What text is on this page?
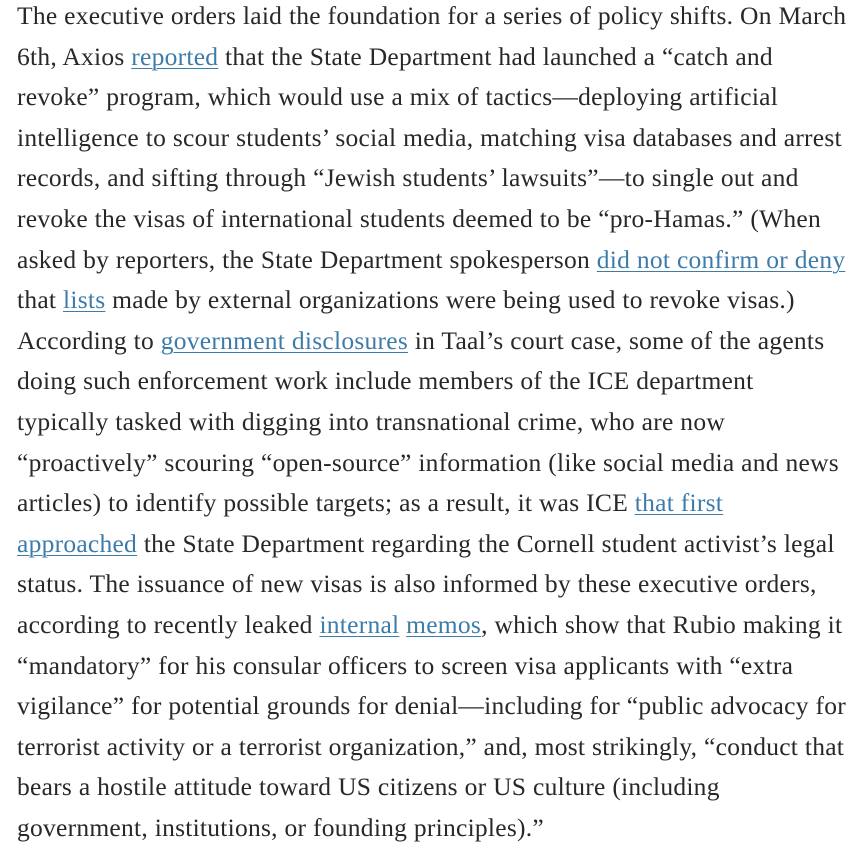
The executive orders laid the foundation for a series of policy shifts. On March 6th, Axios reported that the State Department had launched a “catch and revoke” program, which would use a mix of tactics—deploying artificial intelligence to scour students’ social media, matching visa databases and arrest records, and sifting through “Jewish students’ lawsuits”—to single out and revoke the visas of international students deemed to be “pro-Hamas.” (When asked by reporters, the State Department spokesperson did not confirm or deny that lists made by external organizations were being used to revoke visas.) According to government disclosures in Taal’s court case, some of the agents doing such enforcement work include members of the ICE department typically tasked with digging into transnational crime, who are now “proactively” scouring “open-source” information (like social media and news articles) to identify possible targets; as a result, it was ICE that first approached the State Department regarding the Cornell student activist’s legal status. The issuance of new visas is also informed by these executive orders, according to recently leaked internal memos, which show that Rubio making it “mandatory” for his consular officers to screen visa applicants with “extra vigilance” for potential grounds for denial—including for “public advocacy for terrorist activity or a terrorist organization,” and, most strikingly, “conduct that bears a hostile attitude toward US citizens or US culture (including government, institutions, or founding principles).”
